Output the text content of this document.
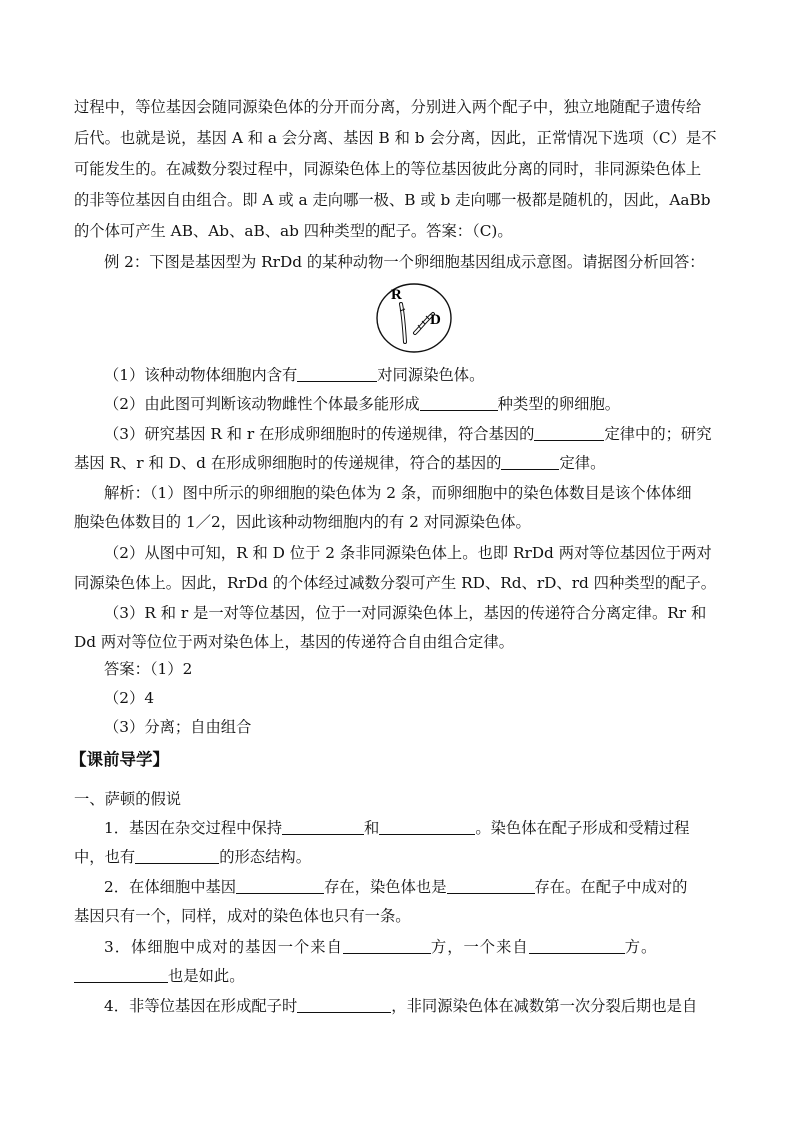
过程中，等位基因会随同源染色体的分开而分离，分别进入两个配子中，独立地随配子遗传给
后代。也就是说，基因 A 和 a 会分离、基因 B 和 b 会分离，因此，正常情况下选项（C）是不
可能发生的。在减数分裂过程中，同源染色体上的等位基因彼此分离的同时，非同源染色体上
的非等位基因自由组合。即 A 或 a 走向哪一极、B 或 b 走向哪一极都是随机的，因此，AaBb
的个体可产生 AB、Ab、aB、ab 四种类型的配子。答案：（C)。
例 2：下图是基因型为 RrDd 的某种动物一个卵细胞基因组成示意图。请据图分析回答：
R
D
（1）该种动物体细胞内含有	对同源染色体。
（2）由此图可判断该动物雌性个体最多能形成	种类型的卵细胞。
（3）研究基因 R 和 r 在形成卵细胞时的传递规律，符合基因的	定律中的；研究
基因 R、r 和 D、d 在形成卵细胞时的传递规律，符合的基因的	定律。
解析：（1）图中所示的卵细胞的染色体为 2 条，而卵细胞中的染色体数目是该个体体细
胞染色体数目的 1／2，因此该种动物细胞内的有 2 对同源染色体。
（2）从图中可知，R 和 D 位于 2 条非同源染色体上。也即 RrDd 两对等位基因位于两对
同源染色体上。因此，RrDd 的个体经过减数分裂可产生 RD、Rd、rD、rd 四种类型的配子。
（3）R 和 r 是一对等位基因，位于一对同源染色体上，基因的传递符合分离定律。Rr 和
Dd 两对等位位于两对染色体上，基因的传递符合自由组合定律。
答案：（1）2
（2）4
（3）分离；自由组合
【课前导学】
一、萨顿的假说
1．基因在杂交过程中保持	和	。染色体在配子形成和受精过程
中，也有	的形态结构。
2．在体细胞中基因	存在，染色体也是	存在。在配子中成对的
基因只有一个，同样，成对的染色体也只有一条。
3．体细胞中成对的基因一个来自	方，一个来自	方。
也是如此。
4．非等位基因在形成配子时	，非同源染色体在减数第一次分裂后期也是自
